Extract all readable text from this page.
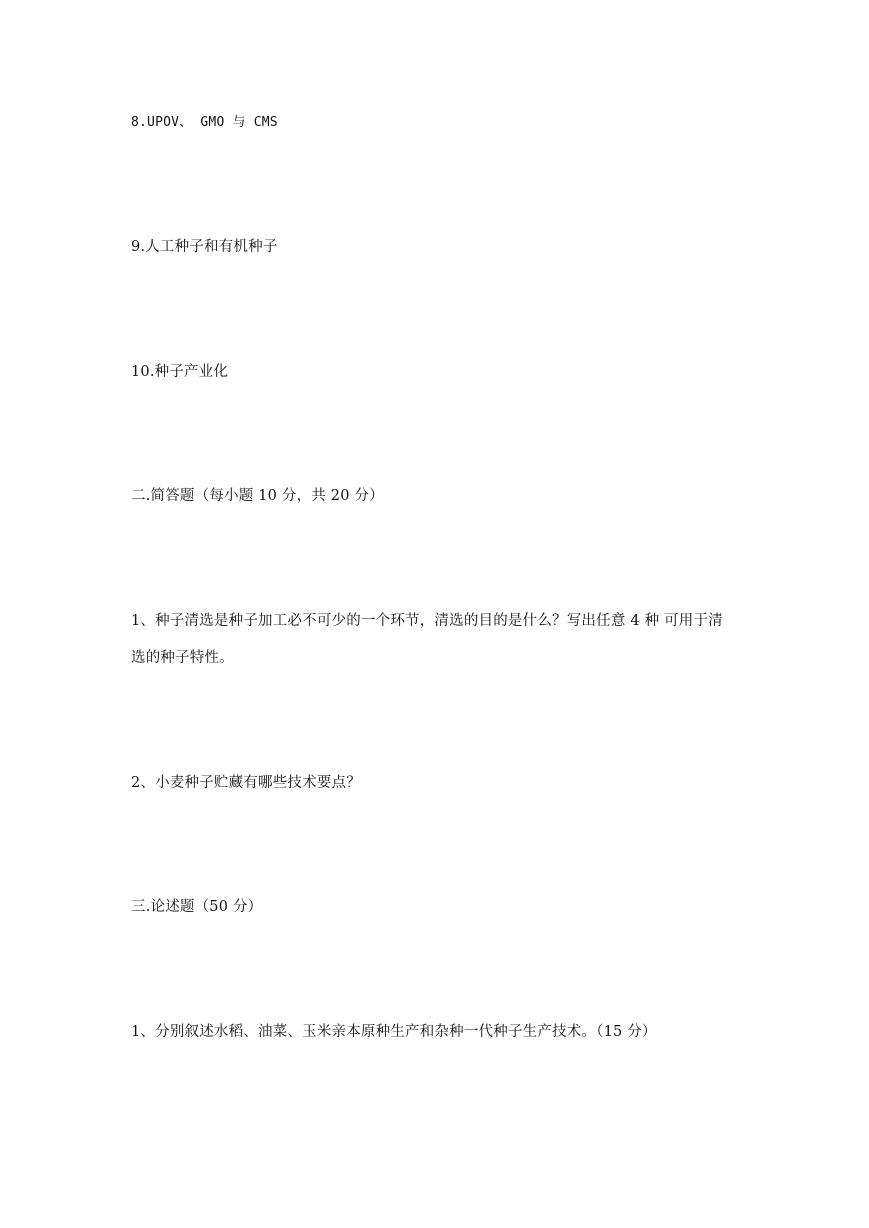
8.UPOV、 GMO 与 CMS
9.人工种子和有机种子
10.种子产业化
二.简答题（每小题 10 分，共 20 分）
1、种子清选是种子加工必不可少的一个环节，清选的目的是什么？写出任意 4 种 可用于清
选的种子特性。
2、小麦种子贮藏有哪些技术要点？
三.论述题（50 分）
1、分别叙述水稻、油菜、玉米亲本原种生产和杂种一代种子生产技术。（15 分）
